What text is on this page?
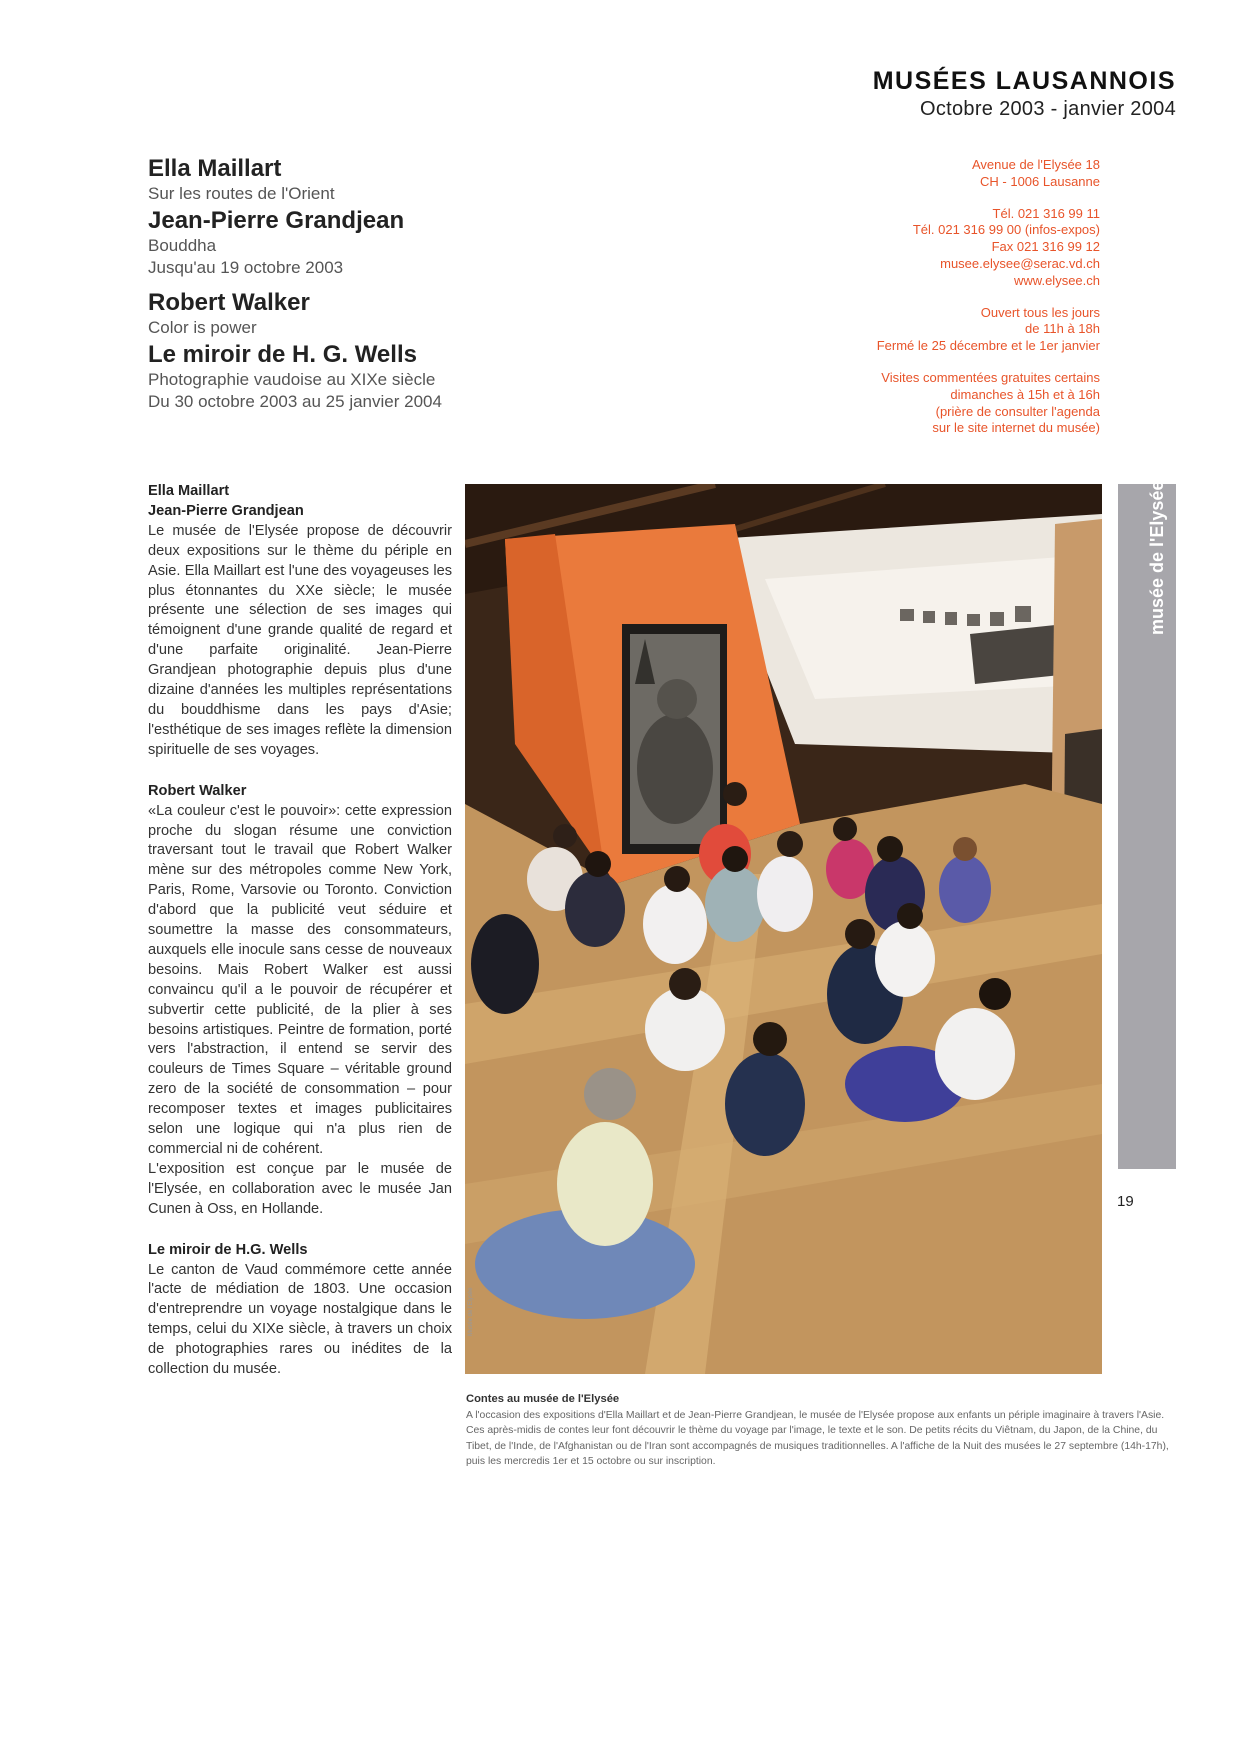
MUSÉES LAUSANNOIS
Octobre 2003 - janvier 2004
Ella Maillart
Sur les routes de l'Orient
Jean-Pierre Grandjean
Bouddha
Jusqu'au 19 octobre 2003
Robert Walker
Color is power
Le miroir de H. G. Wells
Photographie vaudoise au XIXe siècle
Du 30 octobre 2003 au 25 janvier 2004
Avenue de l'Elysée 18
CH - 1006 Lausanne
Tél. 021 316 99 11
Tél. 021 316 99 00 (infos-expos)
Fax 021 316 99 12
musee.elysee@serac.vd.ch
www.elysee.ch
Ouvert tous les jours
de 11h à 18h
Fermé le 25 décembre et le 1er janvier
Visites commentées gratuites certains
dimanches à 15h et à 16h
(prière de consulter l'agenda
sur le site internet du musée)
Ella Maillart
Jean-Pierre Grandjean

Le musée de l'Elysée propose de découvrir deux expositions sur le thème du périple en Asie. Ella Maillart est l'une des voyageuses les plus étonnantes du XXe siècle; le musée présente une sélection de ses images qui témoignent d'une grande qualité de regard et d'une parfaite originalité. Jean-Pierre Grandjean photographie depuis plus d'une dizaine d'années les multiples représentations du bouddhisme dans les pays d'Asie; l'esthétique de ses images reflète la dimension spirituelle de ses voyages.

Robert Walker

«La couleur c'est le pouvoir»: cette expression proche du slogan résume une conviction traversant tout le travail que Robert Walker mène sur des métropoles comme New York, Paris, Rome, Varsovie ou Toronto. Conviction d'abord que la publicité veut séduire et soumettre la masse des consommateurs, auxquels elle inocule sans cesse de nouveaux besoins. Mais Robert Walker est aussi convaincu qu'il a le pouvoir de récupérer et subvertir cette publicité, de la plier à ses besoins artistiques. Peintre de formation, porté vers l'abstraction, il entend se servir des couleurs de Times Square – véritable ground zero de la société de consommation – pour recomposer textes et images publicitaires selon une logique qui n'a plus rien de commercial ni de cohérent.

L'exposition est conçue par le musée de l'Elysée, en collaboration avec le musée Jan Cunen à Oss, en Hollande.

Le miroir de H.G. Wells

Le canton de Vaud commémore cette année l'acte de médiation de 1803. Une occasion d'entreprendre un voyage nostalgique dans le temps, celui du XIXe siècle, à travers un choix de photographies rares ou inédites de la collection du musée.

Musée de l'Elysée
musée de l'Elysée
19
Contes au musée de l'Elysée
A l'occasion des expositions d'Ella Maillart et de Jean-Pierre Grandjean, le musée de l'Elysée propose aux enfants un périple imaginaire à travers l'Asie. Ces après-midis de contes leur font découvrir le thème du voyage par l'image, le texte et le son. De petits récits du Viêtnam, du Japon, de la Chine, du Tibet, de l'Inde, de l'Afghanistan ou de l'Iran sont accompagnés de musiques traditionnelles. A l'affiche de la Nuit des musées le 27 septembre (14h-17h), puis les mercredis 1er et 15 octobre ou sur inscription.
